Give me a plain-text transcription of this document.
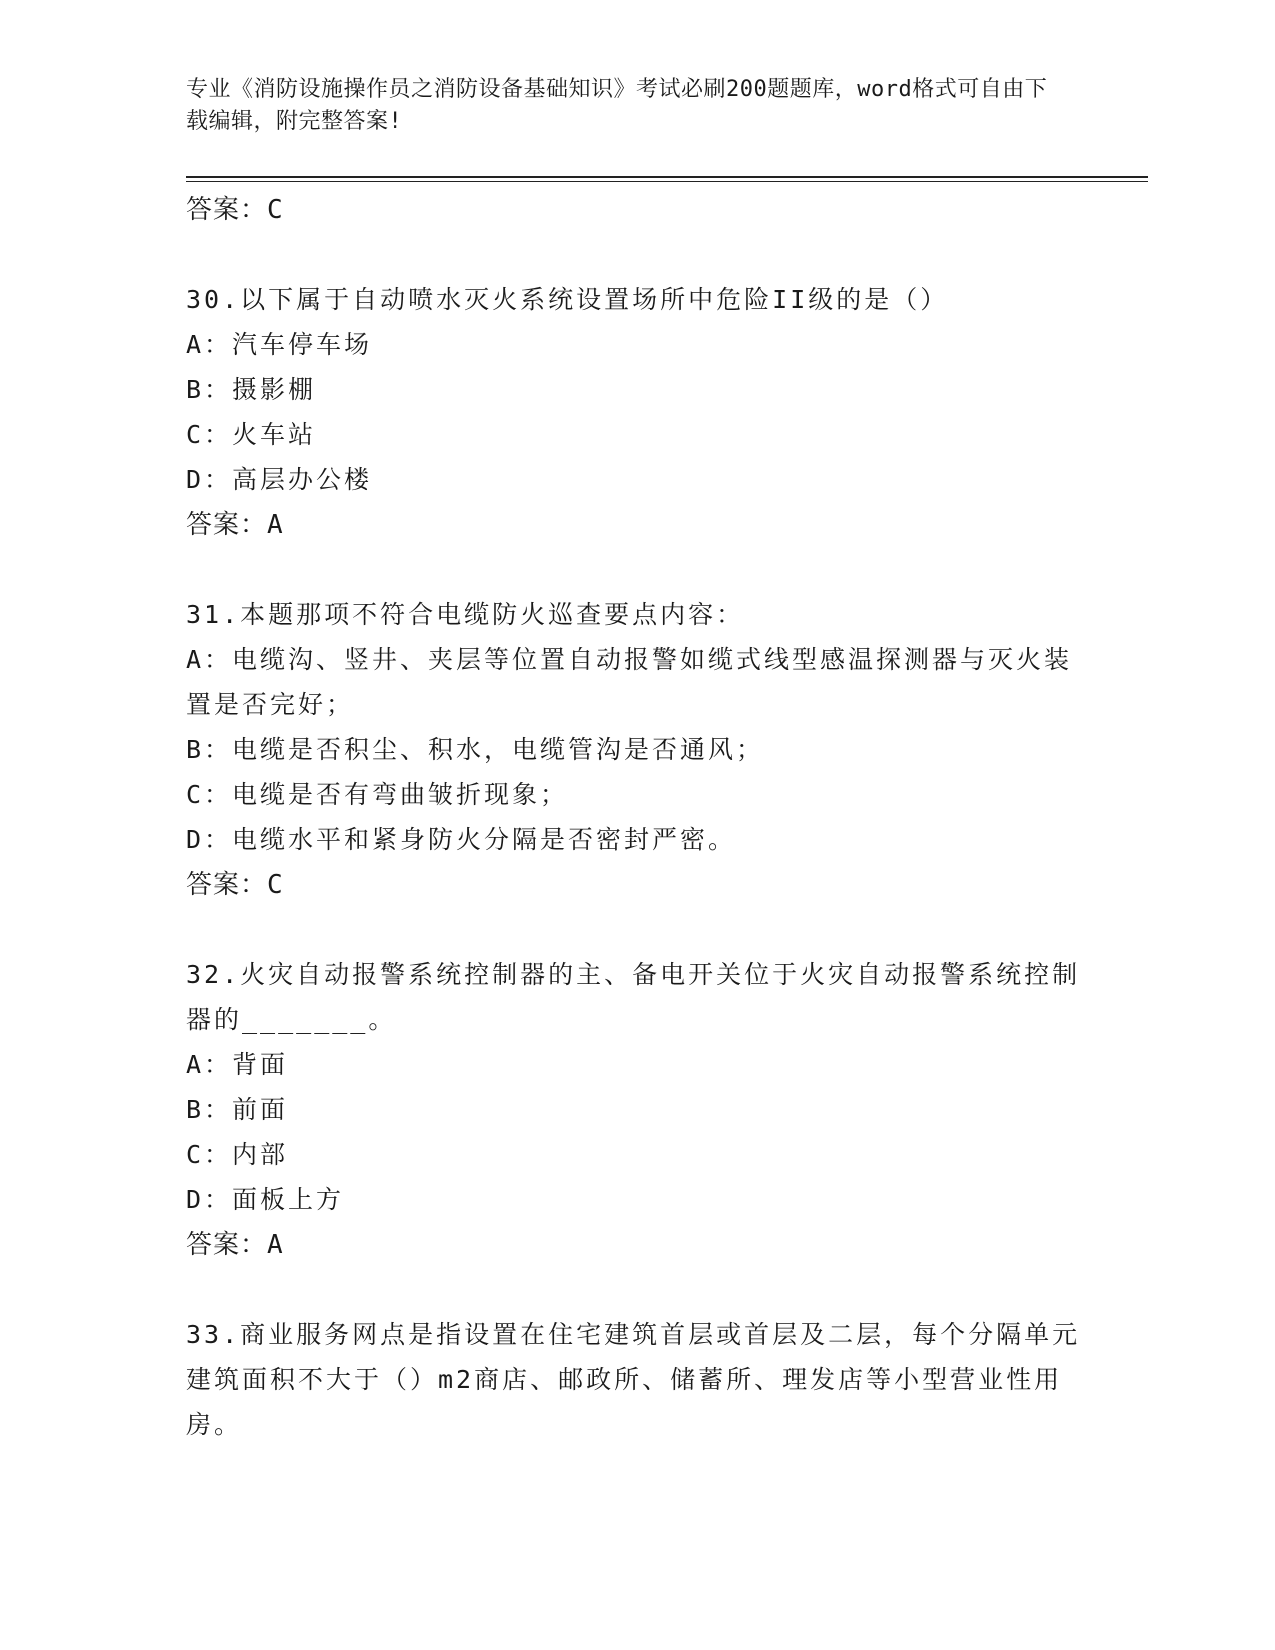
专业《消防设施操作员之消防设备基础知识》考试必刷200题题库，word格式可自由下载编辑，附完整答案!

答案：C

30.以下属于自动喷水灭火系统设置场所中危险II级的是（）

A：汽车停车场

B：摄影棚

C：火车站

D：高层办公楼

答案：A

31.本题那项不符合电缆防火巡查要点内容：

A：电缆沟、竖井、夹层等位置自动报警如缆式线型感温探测器与灭火装置是否完好；

B：电缆是否积尘、积水，电缆管沟是否通风；

C：电缆是否有弯曲皱折现象；

D：电缆水平和紧身防火分隔是否密封严密。

答案：C

32.火灾自动报警系统控制器的主、备电开关位于火灾自动报警系统控制器的_______。

A：背面

B：前面

C：内部

D：面板上方

答案：A

33.商业服务网点是指设置在住宅建筑首层或首层及二层，每个分隔单元建筑面积不大于（）m2商店、邮政所、储蓄所、理发店等小型营业性用房。
